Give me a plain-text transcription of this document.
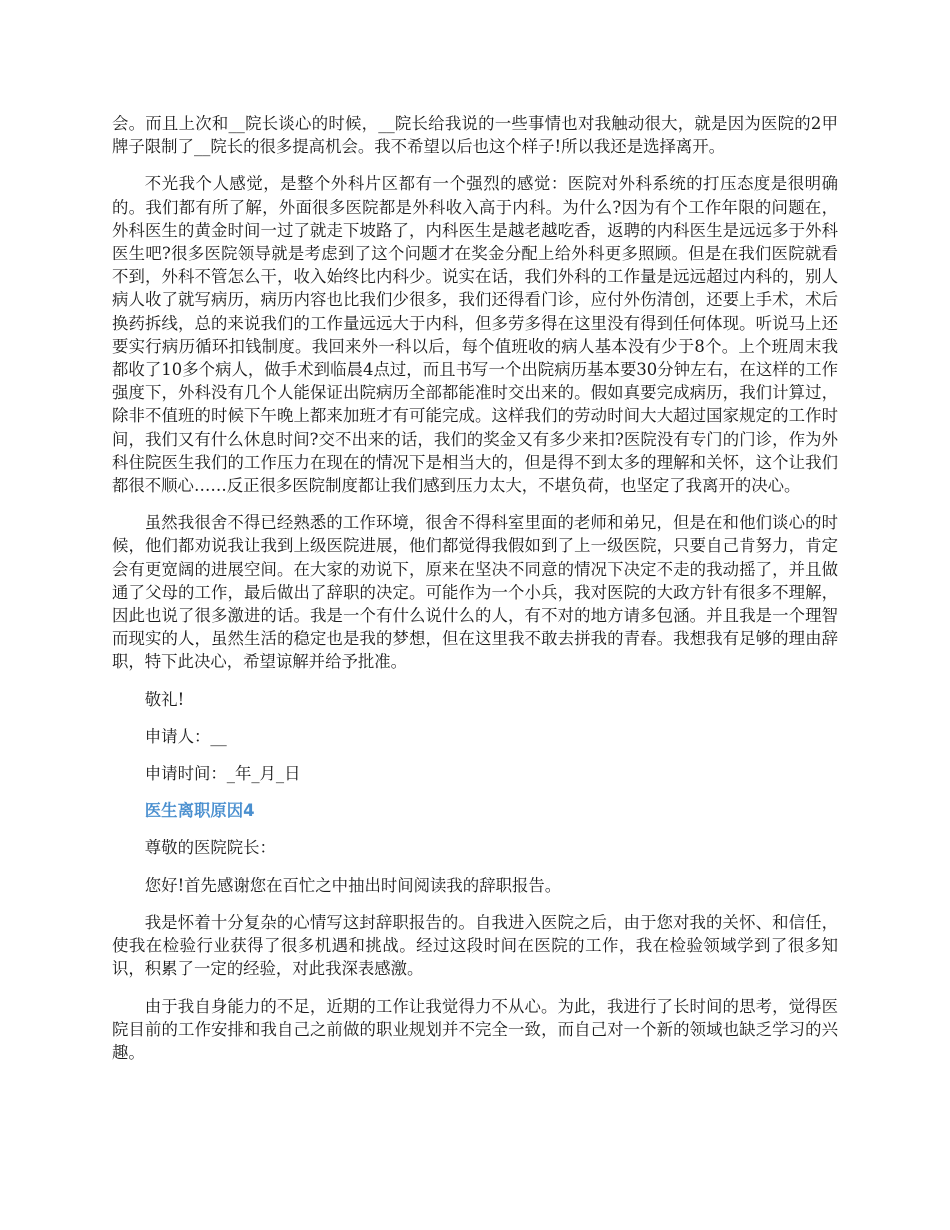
会。而且上次和__院长谈心的时候，__院长给我说的一些事情也对我触动很大，就是因为医院的2甲牌子限制了__院长的很多提高机会。我不希望以后也这个样子!所以我还是选择离开。

不光我个人感觉，是整个外科片区都有一个强烈的感觉：医院对外科系统的打压态度是很明确的。我们都有所了解，外面很多医院都是外科收入高于内科。为什么?因为有个工作年限的问题在，外科医生的黄金时间一过了就走下坡路了，内科医生是越老越吃香，返聘的内科医生是远远多于外科医生吧?很多医院领导就是考虑到了这个问题才在奖金分配上给外科更多照顾。但是在我们医院就看不到，外科不管怎么干，收入始终比内科少。说实在话，我们外科的工作量是远远超过内科的，别人病人收了就写病历，病历内容也比我们少很多，我们还得看门诊，应付外伤清创，还要上手术，术后换药拆线，总的来说我们的工作量远远大于内科，但多劳多得在这里没有得到任何体现。听说马上还要实行病历循环扣钱制度。我回来外一科以后，每个值班收的病人基本没有少于8个。上个班周末我都收了10多个病人，做手术到临晨4点过，而且书写一个出院病历基本要30分钟左右，在这样的工作强度下，外科没有几个人能保证出院病历全部都能准时交出来的。假如真要完成病历，我们计算过，除非不值班的时候下午晚上都来加班才有可能完成。这样我们的劳动时间大大超过国家规定的工作时间，我们又有什么休息时间?交不出来的话，我们的奖金又有多少来扣?医院没有专门的门诊，作为外科住院医生我们的工作压力在现在的情况下是相当大的，但是得不到太多的理解和关怀，这个让我们都很不顺心……反正很多医院制度都让我们感到压力太大，不堪负荷，也坚定了我离开的决心。

虽然我很舍不得已经熟悉的工作环境，很舍不得科室里面的老师和弟兄，但是在和他们谈心的时候，他们都劝说我让我到上级医院进展，他们都觉得我假如到了上一级医院，只要自己肯努力，肯定会有更宽阔的进展空间。在大家的劝说下，原来在坚决不同意的情况下决定不走的我动摇了，并且做通了父母的工作，最后做出了辞职的决定。可能作为一个小兵，我对医院的大政方针有很多不理解，因此也说了很多激进的话。我是一个有什么说什么的人，有不对的地方请多包涵。并且我是一个理智而现实的人，虽然生活的稳定也是我的梦想，但在这里我不敢去拼我的青春。我想我有足够的理由辞职，特下此决心，希望谅解并给予批准。

敬礼!

申请人：__

申请时间：_年_月_日

医生离职原因4

尊敬的医院院长：

您好!首先感谢您在百忙之中抽出时间阅读我的辞职报告。

我是怀着十分复杂的心情写这封辞职报告的。自我进入医院之后，由于您对我的关怀、和信任，使我在检验行业获得了很多机遇和挑战。经过这段时间在医院的工作，我在检验领域学到了很多知识，积累了一定的经验，对此我深表感激。

由于我自身能力的不足，近期的工作让我觉得力不从心。为此，我进行了长时间的思考，觉得医院目前的工作安排和我自己之前做的职业规划并不完全一致，而自己对一个新的领域也缺乏学习的兴趣。
